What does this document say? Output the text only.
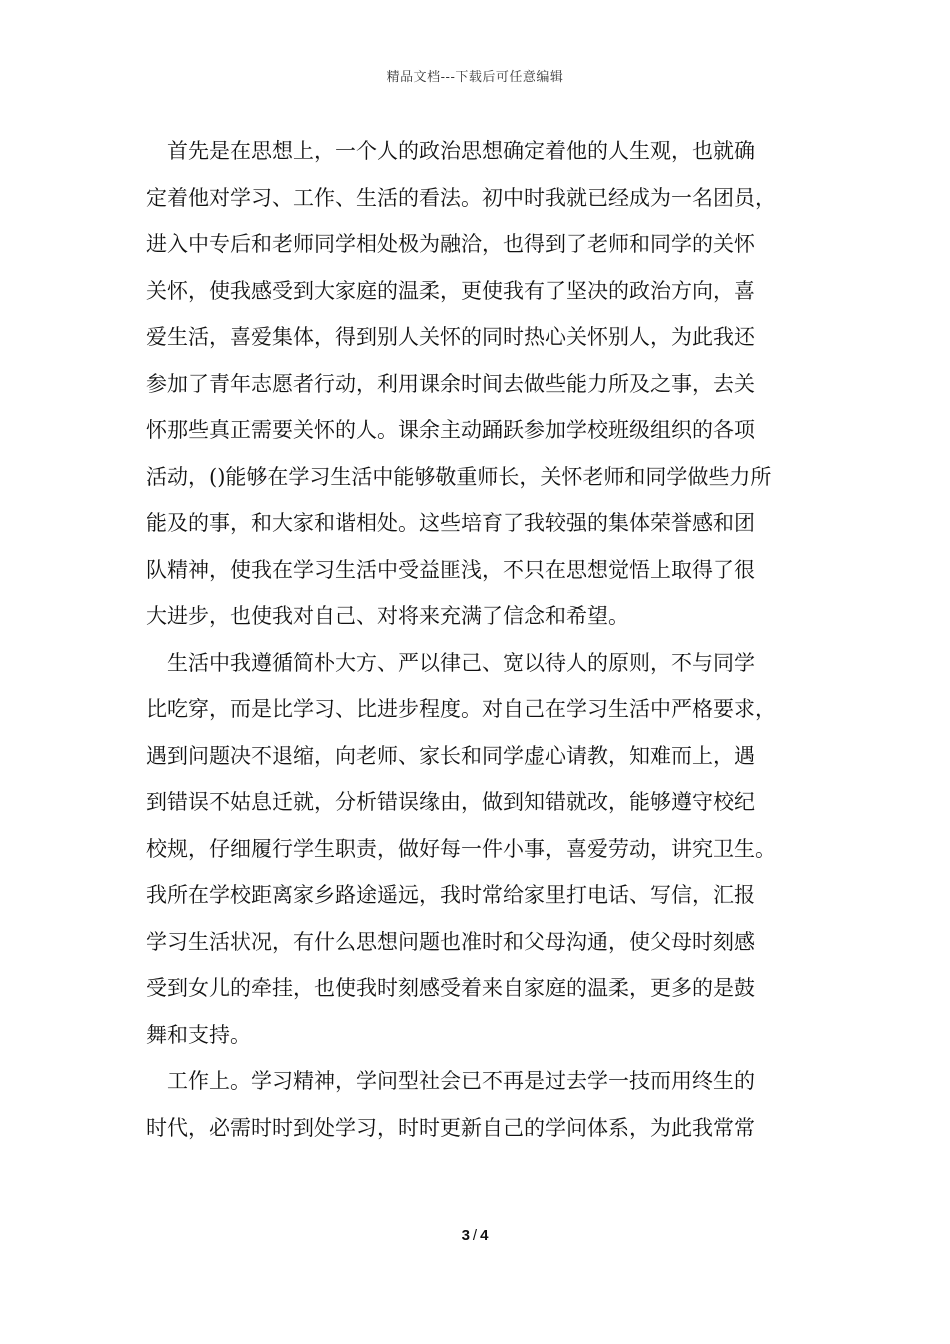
精品文档---下载后可任意编辑

首先是在思想上，一个人的政治思想确定着他的人生观，也就确

定着他对学习、工作、生活的看法。初中时我就已经成为一名团员，

进入中专后和老师同学相处极为融洽，也得到了老师和同学的关怀

关怀，使我感受到大家庭的温柔，更使我有了坚决的政治方向，喜

爱生活，喜爱集体，得到别人关怀的同时热心关怀别人，为此我还

参加了青年志愿者行动，利用课余时间去做些能力所及之事，去关

怀那些真正需要关怀的人。课余主动踊跃参加学校班级组织的各项

活动，()能够在学习生活中能够敬重师长，关怀老师和同学做些力所

能及的事，和大家和谐相处。这些培育了我较强的集体荣誉感和团

队精神，使我在学习生活中受益匪浅，不只在思想觉悟上取得了很

大进步，也使我对自己、对将来充满了信念和希望。

生活中我遵循简朴大方、严以律己、宽以待人的原则，不与同学

比吃穿，而是比学习、比进步程度。对自己在学习生活中严格要求，

遇到问题决不退缩，向老师、家长和同学虚心请教，知难而上，遇

到错误不姑息迁就，分析错误缘由，做到知错就改，能够遵守校纪

校规，仔细履行学生职责，做好每一件小事，喜爱劳动，讲究卫生。

我所在学校距离家乡路途遥远，我时常给家里打电话、写信，汇报

学习生活状况，有什么思想问题也准时和父母沟通，使父母时刻感

受到女儿的牵挂，也使我时刻感受着来自家庭的温柔，更多的是鼓

舞和支持。

工作上。学习精神，学问型社会已不再是过去学一技而用终生的

时代，必需时时到处学习，时时更新自己的学问体系，为此我常常

3 / 4
